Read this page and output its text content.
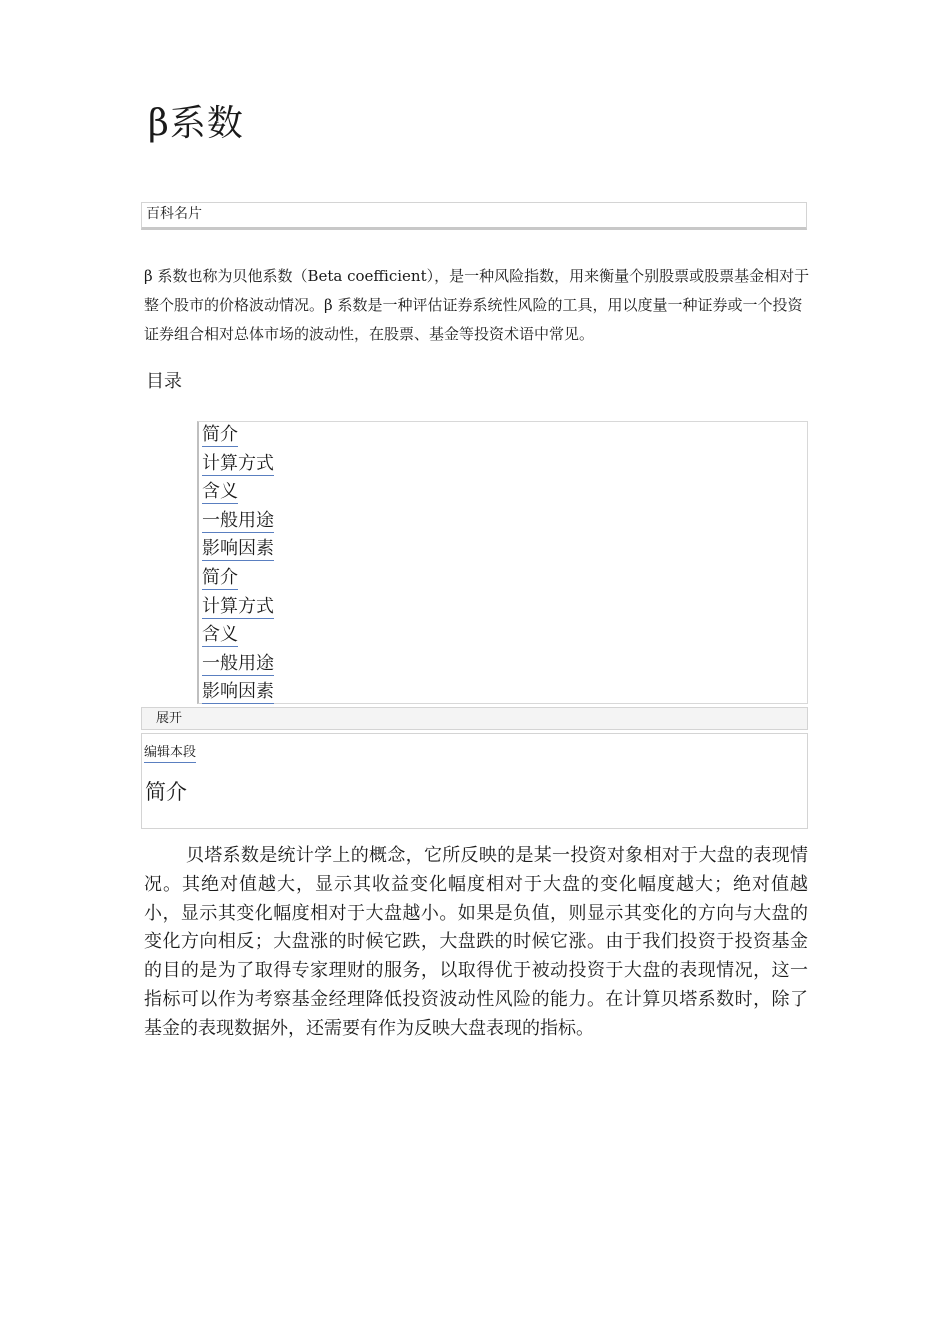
β系数
百科名片

β 系数也称为贝他系数（Beta coefficient），是一种风险指数，用来衡量个别股票或股票基金相对于整个股市的价格波动情况。β 系数是一种评估证券系统性风险的工具，用以度量一种证券或一个投资证券组合相对总体市场的波动性，在股票、基金等投资术语中常见。

目录
简介
计算方式
含义
一般用途
影响因素
简介
计算方式
含义
一般用途
影响因素
展开
编辑本段
简介

贝塔系数是统计学上的概念，它所反映的是某一投资对象相对于大盘的表现情况。其绝对值越大，显示其收益变化幅度相对于大盘的变化幅度越大；绝对值越小，显示其变化幅度相对于大盘越小。如果是负值，则显示其变化的方向与大盘的变化方向相反；大盘涨的时候它跌，大盘跌的时候它涨。由于我们投资于投资基金的目的是为了取得专家理财的服务，以取得优于被动投资于大盘的表现情况，这一指标可以作为考察基金经理降低投资波动性风险的能力。在计算贝塔系数时，除了基金的表现数据外，还需要有作为反映大盘表现的指标。
